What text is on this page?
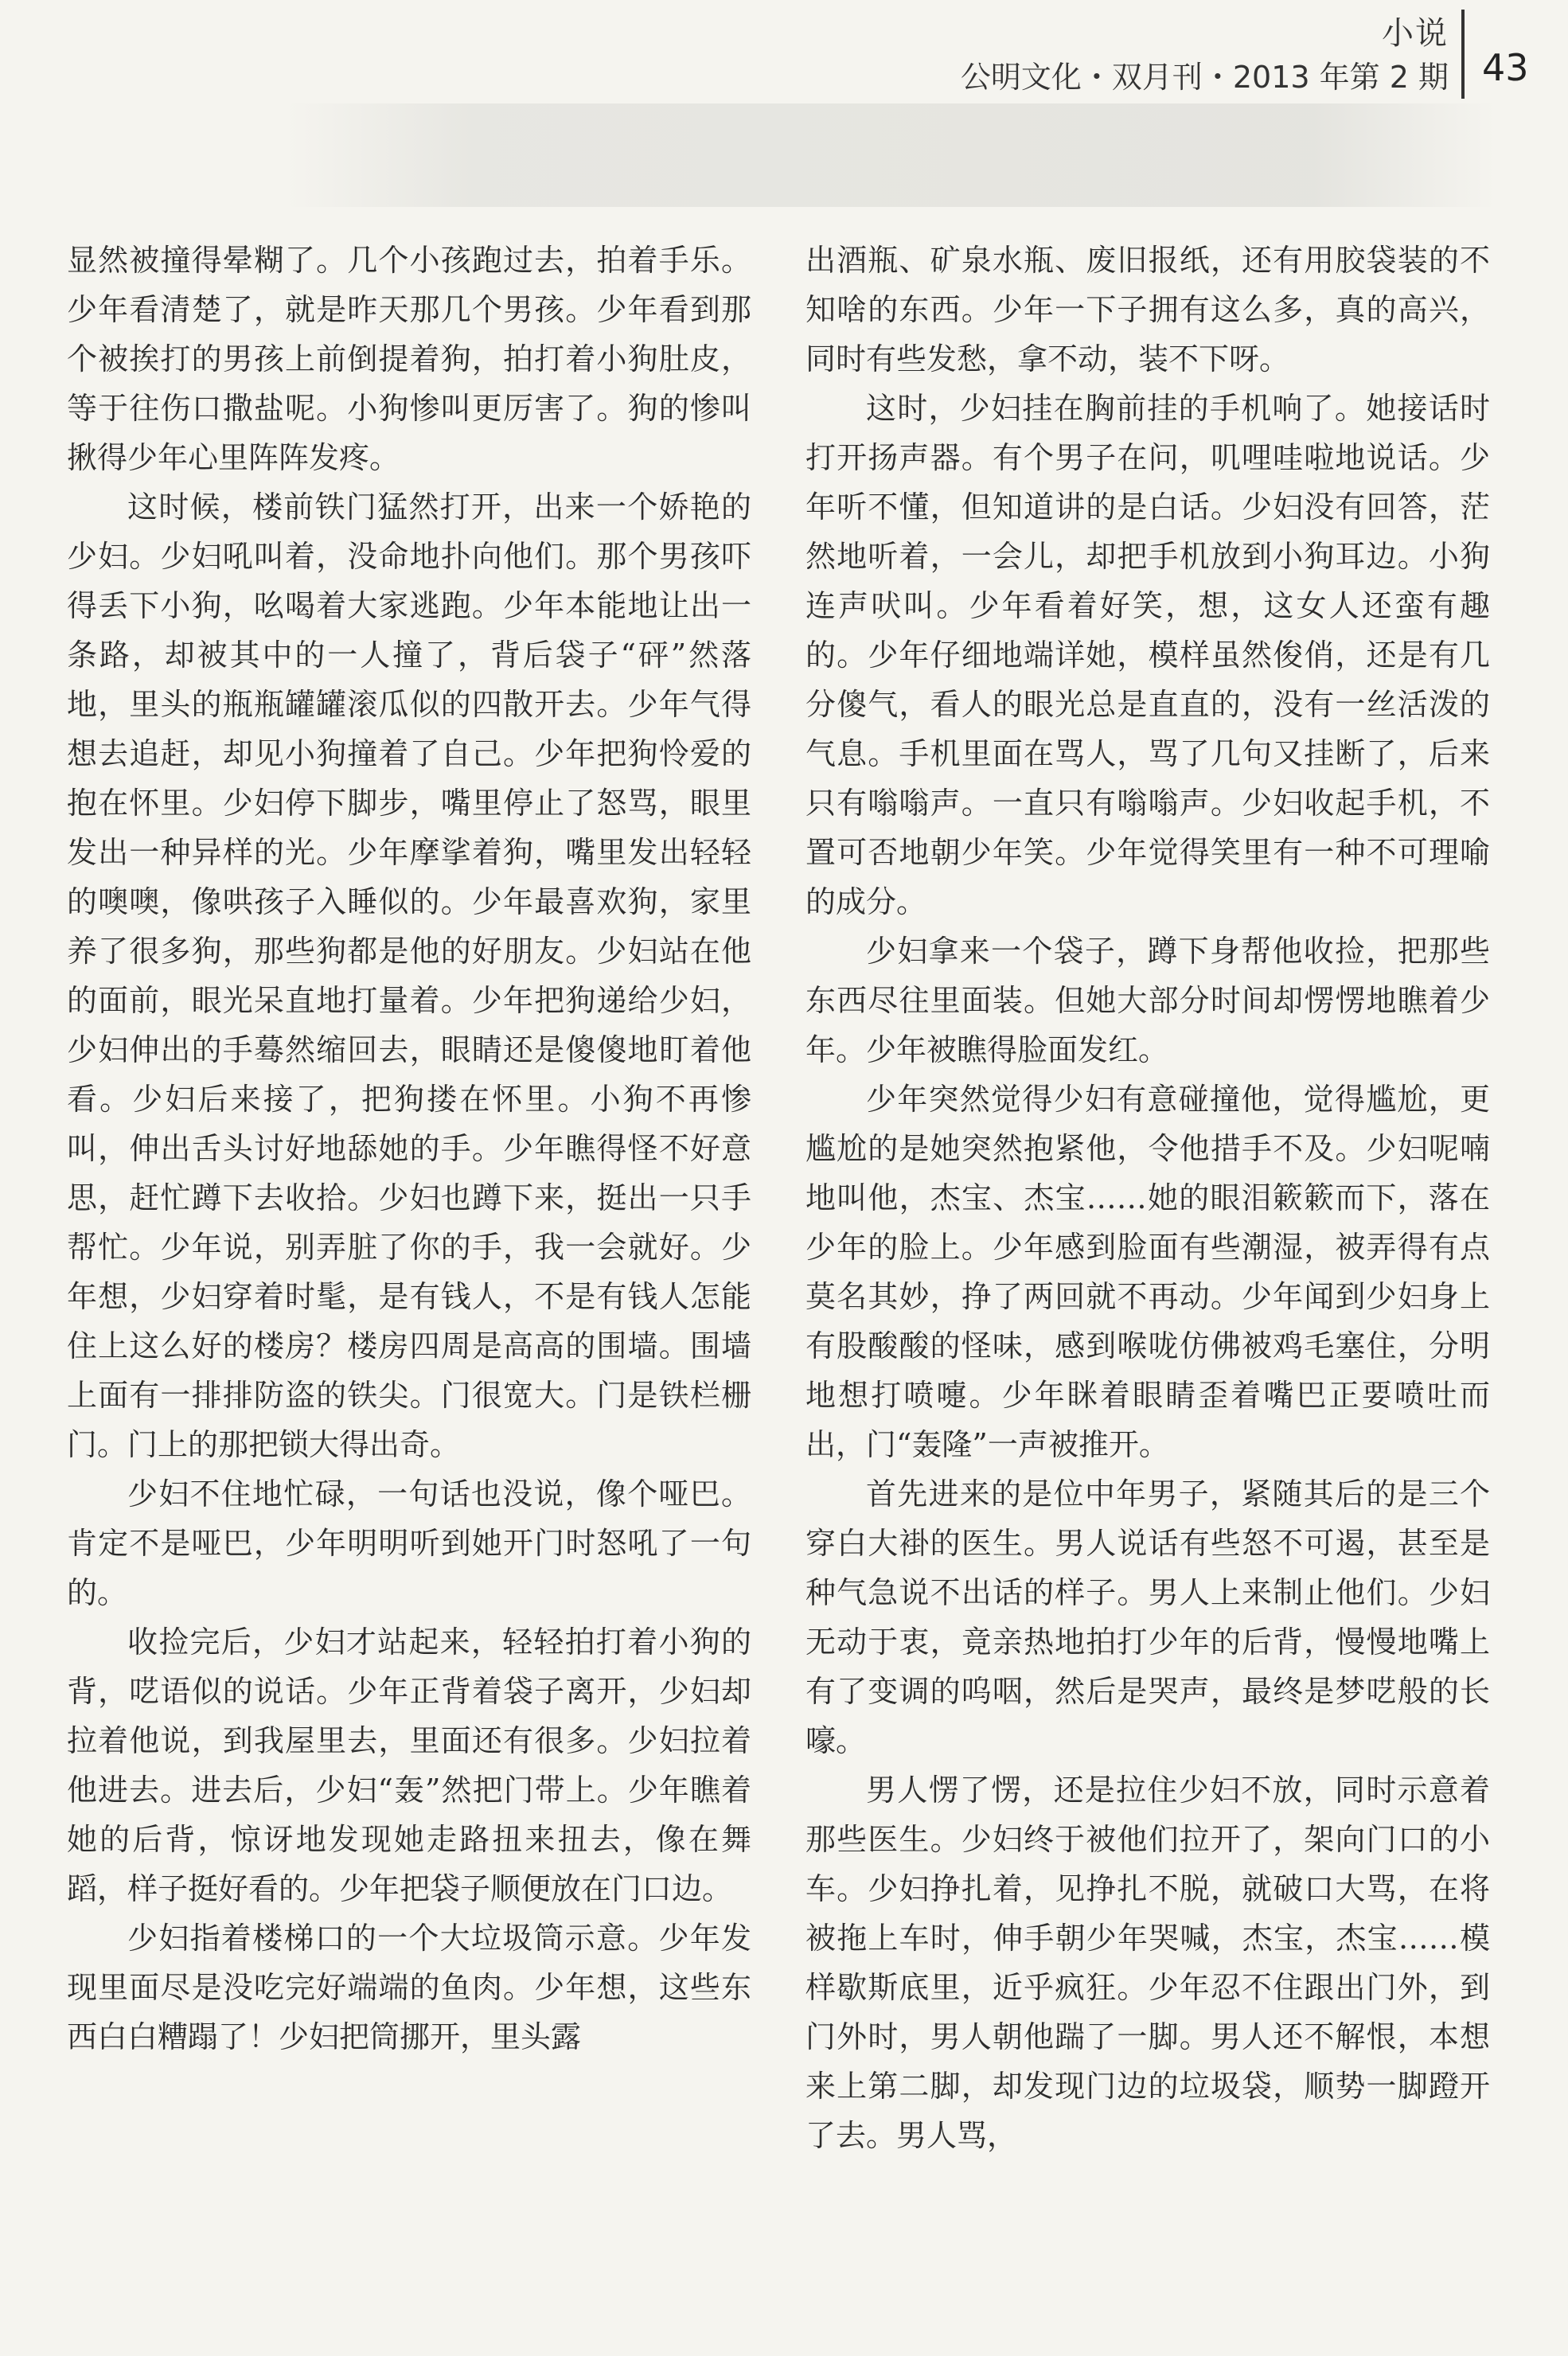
小说
公明文化・双月刊・2013 年第 2 期 43

显然被撞得晕糊了。几个小孩跑过去，拍着手乐。少年看清楚了，就是昨天那几个男孩。少年看到那个被挨打的男孩上前倒提着狗，拍打着小狗肚皮，等于往伤口撒盐呢。小狗惨叫更厉害了。狗的惨叫揪得少年心里阵阵发疼。

这时候，楼前铁门猛然打开，出来一个娇艳的少妇。少妇吼叫着，没命地扑向他们。那个男孩吓得丢下小狗，吆喝着大家逃跑。少年本能地让出一条路，却被其中的一人撞了，背后袋子“砰”然落地，里头的瓶瓶罐罐滚瓜似的四散开去。少年气得想去追赶，却见小狗撞着了自己。少年把狗怜爱的抱在怀里。少妇停下脚步，嘴里停止了怒骂，眼里发出一种异样的光。少年摩挲着狗，嘴里发出轻轻的噢噢，像哄孩子入睡似的。少年最喜欢狗，家里养了很多狗，那些狗都是他的好朋友。少妇站在他的面前，眼光呆直地打量着。少年把狗递给少妇，少妇伸出的手蓦然缩回去，眼睛还是傻傻地盯着他看。少妇后来接了，把狗搂在怀里。小狗不再惨叫，伸出舌头讨好地舔她的手。少年瞧得怪不好意思，赶忙蹲下去收拾。少妇也蹲下来，挺出一只手帮忙。少年说，别弄脏了你的手，我一会就好。少年想，少妇穿着时髦，是有钱人，不是有钱人怎能住上这么好的楼房？楼房四周是高高的围墙。围墙上面有一排排防盗的铁尖。门很宽大。门是铁栏栅门。门上的那把锁大得出奇。

少妇不住地忙碌，一句话也没说，像个哑巴。肯定不是哑巴，少年明明听到她开门时怒吼了一句的。

收捡完后，少妇才站起来，轻轻拍打着小狗的背，呓语似的说话。少年正背着袋子离开，少妇却拉着他说，到我屋里去，里面还有很多。少妇拉着他进去。进去后，少妇“轰”然把门带上。少年瞧着她的后背，惊讶地发现她走路扭来扭去，像在舞蹈，样子挺好看的。少年把袋子顺便放在门口边。

少妇指着楼梯口的一个大垃圾筒示意。少年发现里面尽是没吃完好端端的鱼肉。少年想，这些东西白白糟蹋了！少妇把筒挪开，里头露

出酒瓶、矿泉水瓶、废旧报纸，还有用胶袋装的不知啥的东西。少年一下子拥有这么多，真的高兴，同时有些发愁，拿不动，装不下呀。

这时，少妇挂在胸前挂的手机响了。她接话时打开扬声器。有个男子在问，叽哩哇啦地说话。少年听不懂，但知道讲的是白话。少妇没有回答，茫然地听着，一会儿，却把手机放到小狗耳边。小狗连声吠叫。少年看着好笑，想，这女人还蛮有趣的。少年仔细地端详她，模样虽然俊俏，还是有几分傻气，看人的眼光总是直直的，没有一丝活泼的气息。手机里面在骂人，骂了几句又挂断了，后来只有嗡嗡声。一直只有嗡嗡声。少妇收起手机，不置可否地朝少年笑。少年觉得笑里有一种不可理喻的成分。

少妇拿来一个袋子，蹲下身帮他收捡，把那些东西尽往里面装。但她大部分时间却愣愣地瞧着少年。少年被瞧得脸面发红。

少年突然觉得少妇有意碰撞他，觉得尴尬，更尴尬的是她突然抱紧他，令他措手不及。少妇呢喃地叫他，杰宝、杰宝……她的眼泪簌簌而下，落在少年的脸上。少年感到脸面有些潮湿，被弄得有点莫名其妙，挣了两回就不再动。少年闻到少妇身上有股酸酸的怪味，感到喉咙仿佛被鸡毛塞住，分明地想打喷嚏。少年眯着眼睛歪着嘴巴正要喷吐而出，门“轰隆”一声被推开。

首先进来的是位中年男子，紧随其后的是三个穿白大褂的医生。男人说话有些怒不可遏，甚至是种气急说不出话的样子。男人上来制止他们。少妇无动于衷，竟亲热地拍打少年的后背，慢慢地嘴上有了变调的呜咽，然后是哭声，最终是梦呓般的长嚎。

男人愣了愣，还是拉住少妇不放，同时示意着那些医生。少妇终于被他们拉开了，架向门口的小车。少妇挣扎着，见挣扎不脱，就破口大骂，在将被拖上车时，伸手朝少年哭喊，杰宝，杰宝……模样歇斯底里，近乎疯狂。少年忍不住跟出门外，到门外时，男人朝他踹了一脚。男人还不解恨，本想来上第二脚，却发现门边的垃圾袋，顺势一脚蹬开了去。男人骂，
